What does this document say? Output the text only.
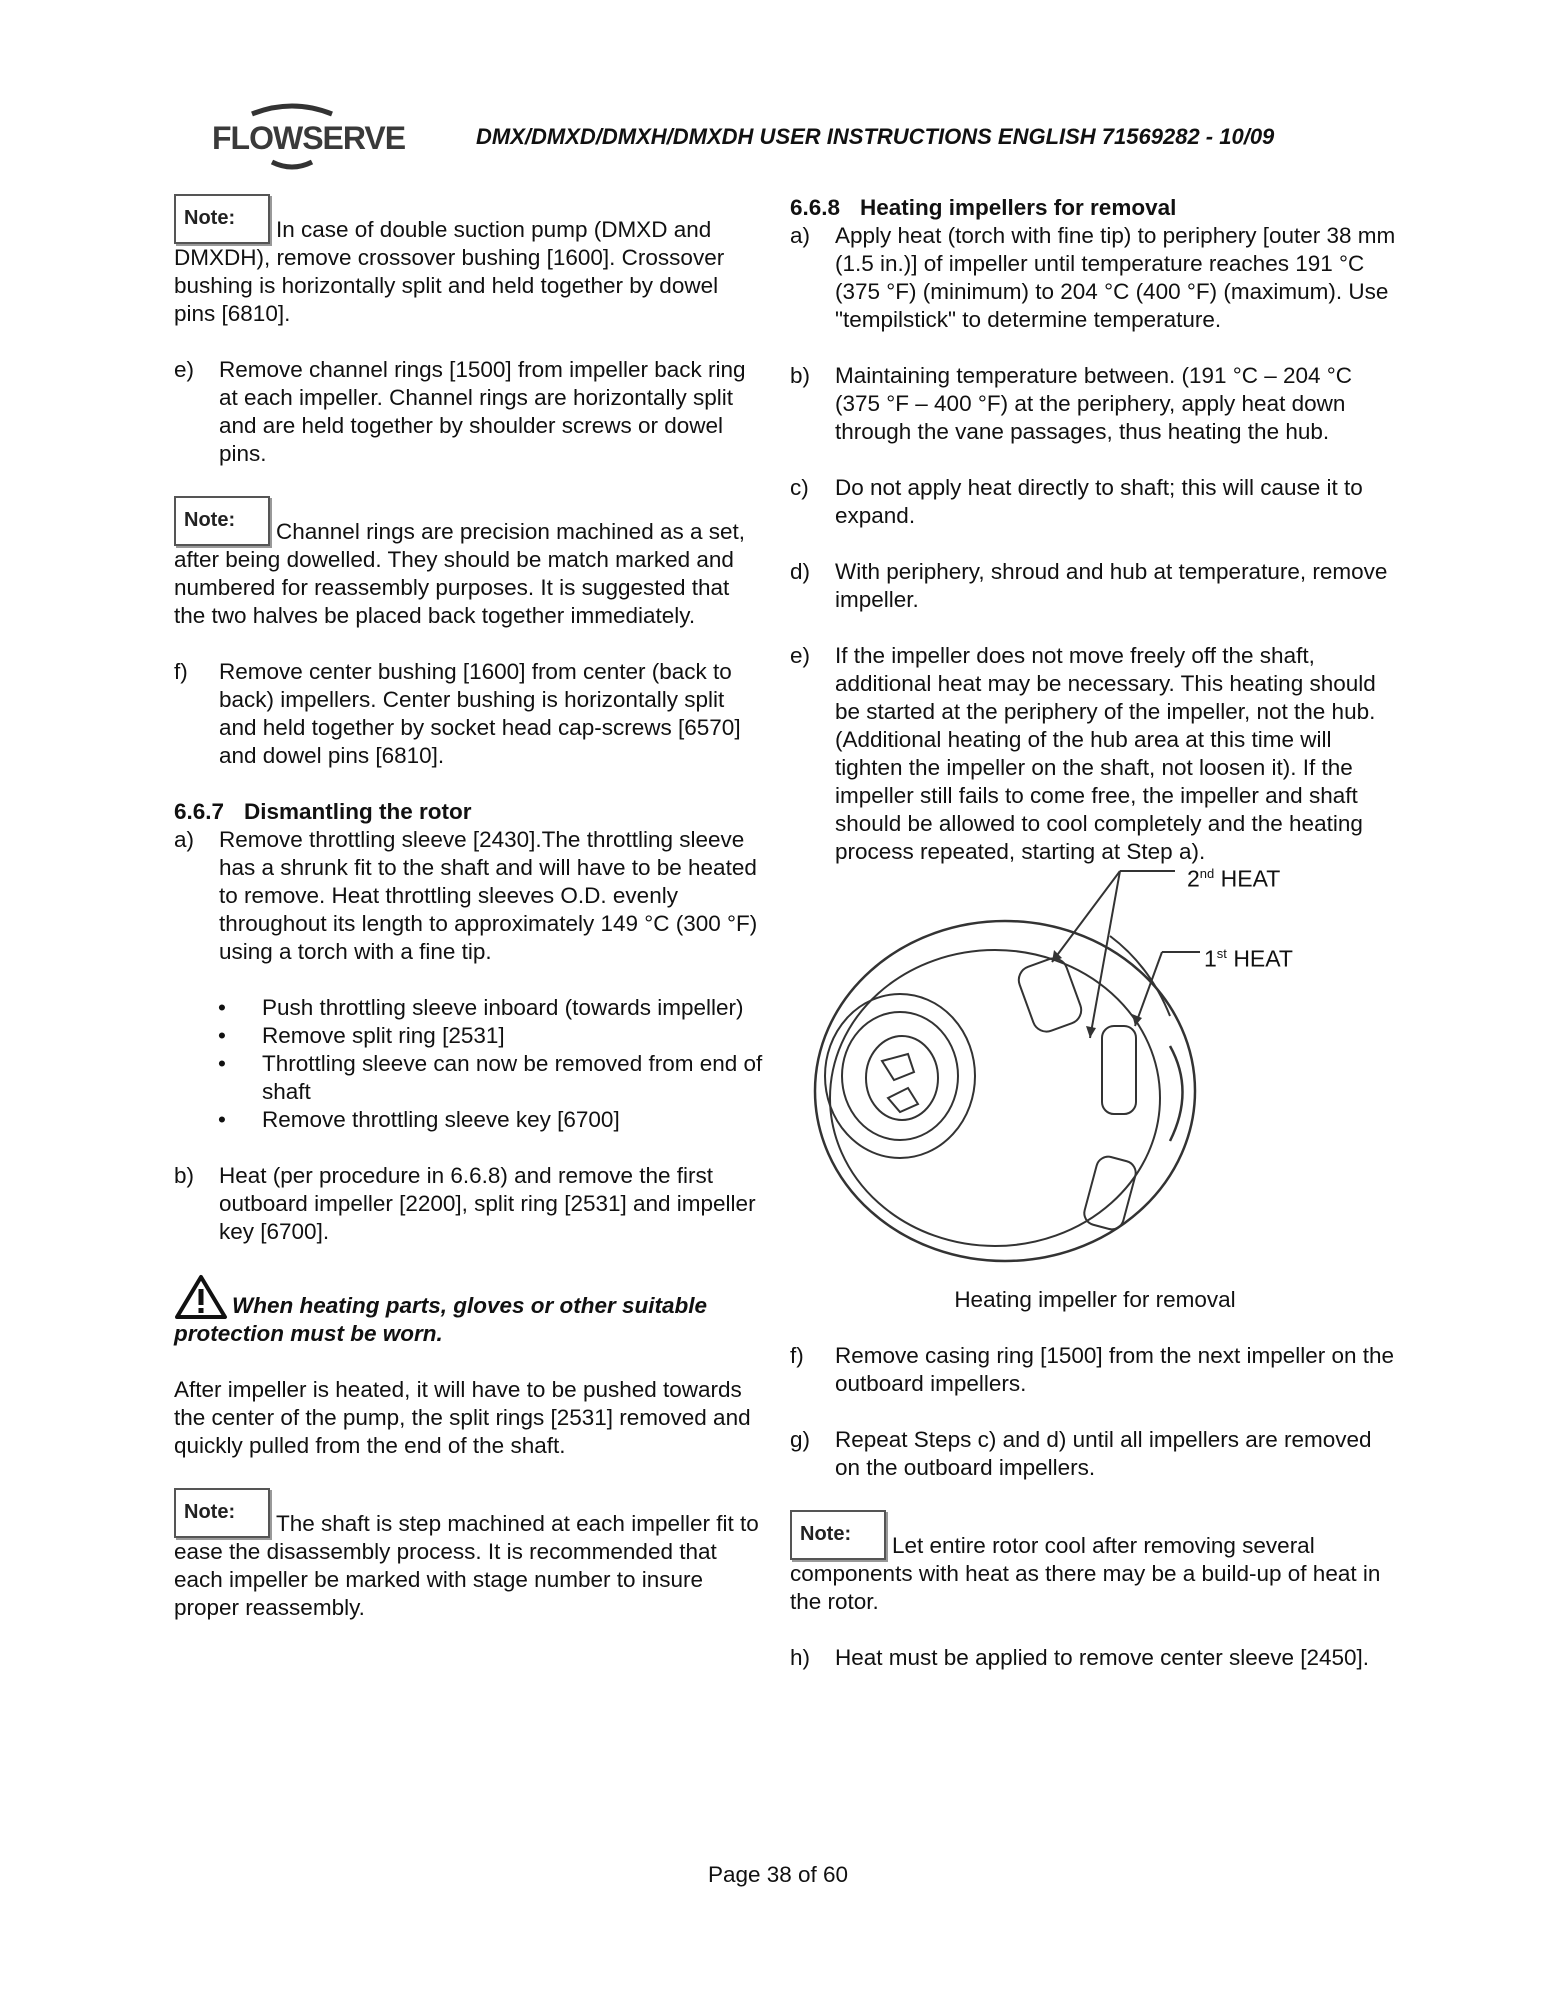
FLOWSERVE	DMX/DMXD/DMXH/DMXDH USER INSTRUCTIONS ENGLISH 71569282 - 10/09

Note: In case of double suction pump (DMXD and DMXDH), remove crossover bushing [1600]. Crossover bushing is horizontally split and held together by dowel pins [6810].

e) Remove channel rings [1500] from impeller back ring at each impeller. Channel rings are horizontally split and are held together by shoulder screws or dowel pins.

Note: Channel rings are precision machined as a set, after being dowelled. They should be match marked and numbered for reassembly purposes. It is suggested that the two halves be placed back together immediately.

f) Remove center bushing [1600] from center (back to back) impellers. Center bushing is horizontally split and held together by socket head cap-screws [6570] and dowel pins [6810].

6.6.7 Dismantling the rotor

a) Remove throttling sleeve [2430].The throttling sleeve has a shrunk fit to the shaft and will have to be heated to remove. Heat throttling sleeves O.D. evenly throughout its length to approximately 149 °C (300 °F) using a torch with a fine tip.
• Push throttling sleeve inboard (towards impeller)
• Remove split ring [2531]
• Throttling sleeve can now be removed from end of shaft
• Remove throttling sleeve key [6700]
b) Heat (per procedure in 6.6.8) and remove the first outboard impeller [2200], split ring [2531] and impeller key [6700].

When heating parts, gloves or other suitable protection must be worn.

After impeller is heated, it will have to be pushed towards the center of the pump, the split rings [2531] removed and quickly pulled from the end of the shaft.

Note: The shaft is step machined at each impeller fit to ease the disassembly process. It is recommended that each impeller be marked with stage number to insure proper reassembly.

6.6.8 Heating impellers for removal

a) Apply heat (torch with fine tip) to periphery [outer 38 mm (1.5 in.)] of impeller until temperature reaches 191 °C (375 °F) (minimum) to 204 °C (400 °F) (maximum). Use "tempilstick" to determine temperature.
b) Maintaining temperature between. (191 °C – 204 °C (375 °F – 400 °F) at the periphery, apply heat down through the vane passages, thus heating the hub.
c) Do not apply heat directly to shaft; this will cause it to expand.
d) With periphery, shroud and hub at temperature, remove impeller.
e) If the impeller does not move freely off the shaft, additional heat may be necessary. This heating should be started at the periphery of the impeller, not the hub. (Additional heating of the hub area at this time will tighten the impeller on the shaft, not loosen it). If the impeller still fails to come free, the impeller and shaft should be allowed to cool completely and the heating process repeated, starting at Step a).
2nd HEAT
1st HEAT

Heating impeller for removal

f) Remove casing ring [1500] from the next impeller on the outboard impellers.
g) Repeat Steps c) and d) until all impellers are removed on the outboard impellers.

Note: Let entire rotor cool after removing several components with heat as there may be a build-up of heat in the rotor.

h) Heat must be applied to remove center sleeve [2450].
Page 38 of 60
